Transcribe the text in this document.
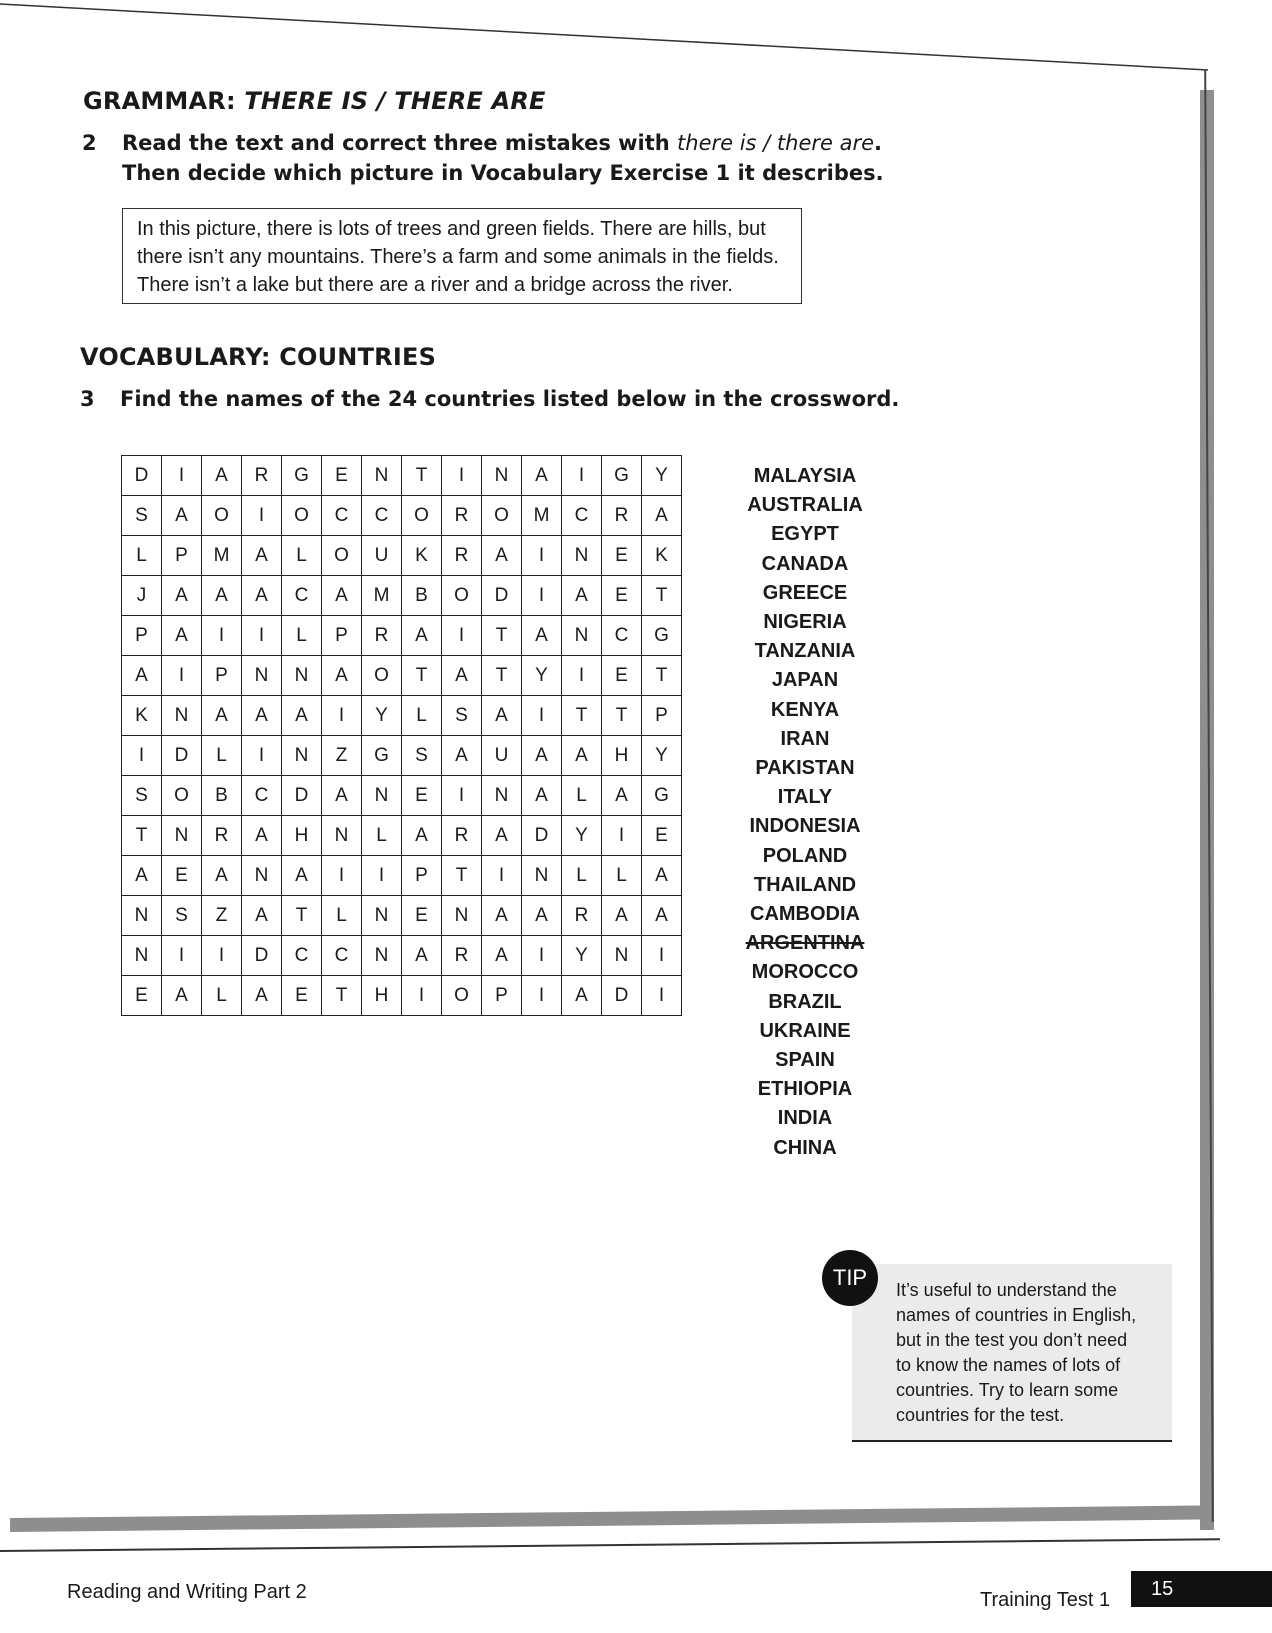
GRAMMAR: THERE IS / THERE ARE
2 Read the text and correct three mistakes with there is / there are.
Then decide which picture in Vocabulary Exercise 1 it describes.

In this picture, there is lots of trees and green fields. There are hills, but

there isn’t any mountains. There’s a farm and some animals in the fields.

There isn’t a lake but there are a river and a bridge across the river.

VOCABULARY: COUNTRIES
3 Find the names of the 24 countries listed below in the crossword.
D	I	A	R	G	E	N	T	I	N	A	I	G	Y
S	A	O	I	O	C	C	O	R	O	M	C	R	A
L	P	M	A	L	O	U	K	R	A	I	N	E	K
J	A	A	A	C	A	M	B	O	D	I	A	E	T
P	A	I	I	L	P	R	A	I	T	A	N	C	G
A	I	P	N	N	A	O	T	A	T	Y	I	E	T
K	N	A	A	A	I	Y	L	S	A	I	T	T	P
I	D	L	I	N	Z	G	S	A	U	A	A	H	Y
S	O	B	C	D	A	N	E	I	N	A	L	A	G
T	N	R	A	H	N	L	A	R	A	D	Y	I	E
A	E	A	N	A	I	I	P	T	I	N	L	L	A
N	S	Z	A	T	L	N	E	N	A	A	R	A	A
N	I	I	D	C	C	N	A	R	A	I	Y	N	I
E	A	L	A	E	T	H	I	O	P	I	A	D	I
MALAYSIA
AUSTRALIA
EGYPT
CANADA
GREECE
NIGERIA
TANZANIA
JAPAN
KENYA
IRAN
PAKISTAN
ITALY
INDONESIA
POLAND
THAILAND
CAMBODIA
ARGENTINA
MOROCCO
BRAZIL
UKRAINE
SPAIN
ETHIOPIA
INDIA
CHINA
It’s useful to understand the
names of countries in English,
but in the test you don’t need
to know the names of lots of
countries. Try to learn some
countries for the test.
TIP
Reading and Writing Part 2	Training Test 1	15
